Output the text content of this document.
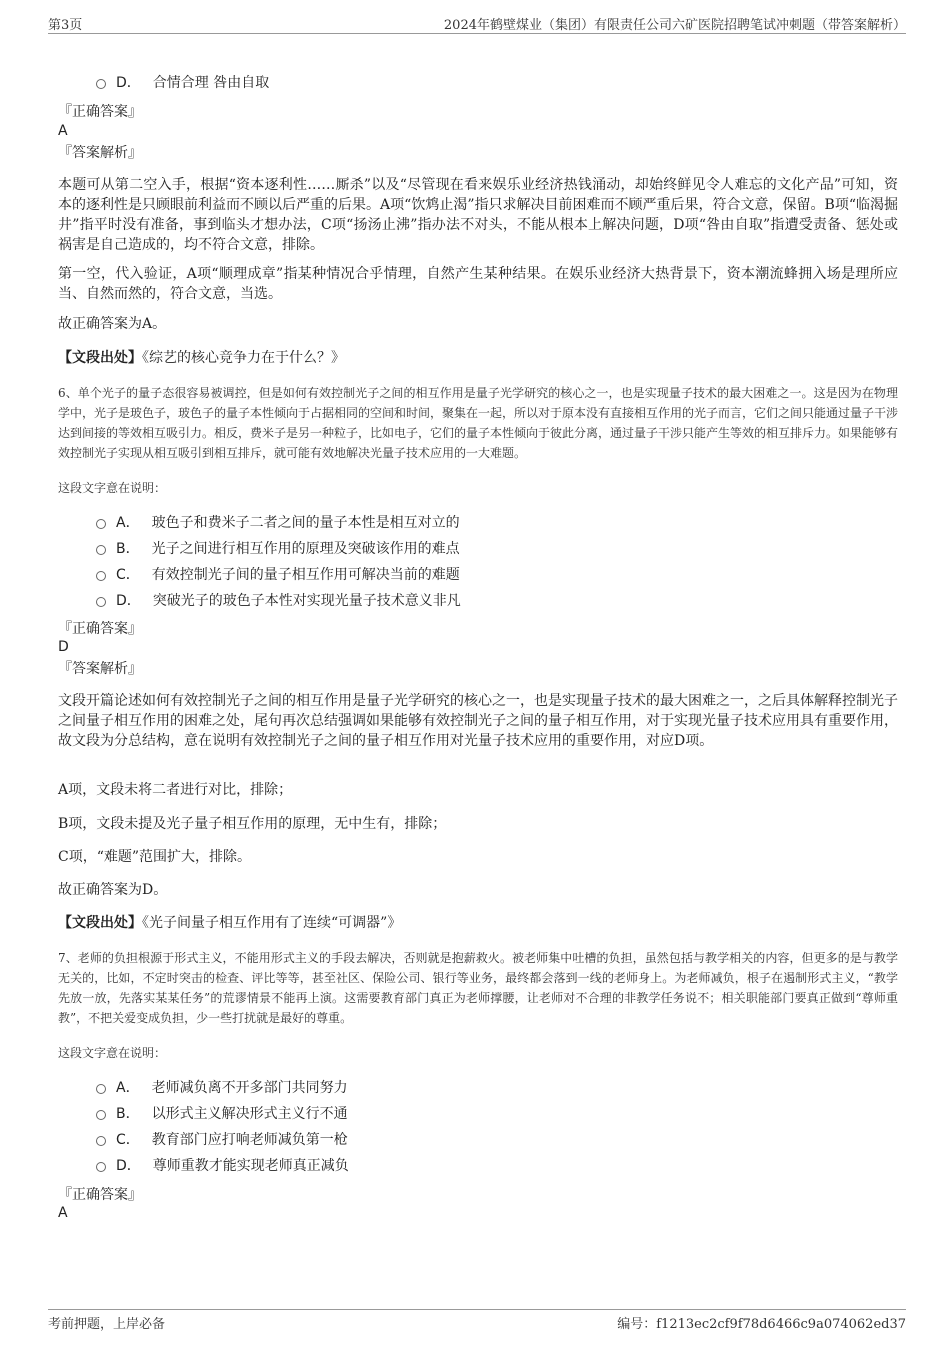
第3页	2024年鹤壁煤业（集团）有限责任公司六矿医院招聘笔试冲刺题（带答案解析）
D． 合情合理 咎由自取
『正确答案』
A
『答案解析』
本题可从第二空入手，根据“资本逐利性……厮杀”以及“尽管现在看来娱乐业经济热钱涌动，却始终鲜见令人难忘的文化产品”可知，资本的逐利性是只顾眼前利益而不顾以后严重的后果。A项“饮鸩止渴”指只求解决目前困难而不顾严重后果，符合文意，保留。B项“临渴掘井”指平时没有准备，事到临头才想办法，C项“扬汤止沸”指办法不对头，不能从根本上解决问题，D项“咎由自取”指遭受责备、惩处或祸害是自己造成的，均不符合文意，排除。
第一空，代入验证，A项“顺理成章”指某种情况合乎情理，自然产生某种结果。在娱乐业经济大热背景下，资本潮流蜂拥入场是理所应当、自然而然的，符合文意，当选。
故正确答案为A。
【文段出处】《综艺的核心竞争力在于什么？》
6、单个光子的量子态很容易被调控，但是如何有效控制光子之间的相互作用是量子光学研究的核心之一，也是实现量子技术的最大困难之一。这是因为在物理学中，光子是玻色子，玻色子的量子本性倾向于占据相同的空间和时间，聚集在一起，所以对于原本没有直接相互作用的光子而言，它们之间只能通过量子干涉达到间接的等效相互吸引力。相反，费米子是另一种粒子，比如电子，它们的量子本性倾向于彼此分离，通过量子干涉只能产生等效的相互排斥力。如果能够有效控制光子实现从相互吸引到相互排斥，就可能有效地解决光量子技术应用的一大难题。
这段文字意在说明：
A． 玻色子和费米子二者之间的量子本性是相互对立的
B． 光子之间进行相互作用的原理及突破该作用的难点
C． 有效控制光子间的量子相互作用可解决当前的难题
D． 突破光子的玻色子本性对实现光量子技术意义非凡
『正确答案』
D
『答案解析』
文段开篇论述如何有效控制光子之间的相互作用是量子光学研究的核心之一，也是实现量子技术的最大困难之一，之后具体解释控制光子之间量子相互作用的困难之处，尾句再次总结强调如果能够有效控制光子之间的量子相互作用，对于实现光量子技术应用具有重要作用，故文段为分总结构，意在说明有效控制光子之间的量子相互作用对光量子技术应用的重要作用，对应D项。
A项，文段未将二者进行对比，排除；
B项，文段未提及光子量子相互作用的原理，无中生有，排除；
C项，“难题”范围扩大，排除。
故正确答案为D。
【文段出处】《光子间量子相互作用有了连续“可调器”》
7、老师的负担根源于形式主义，不能用形式主义的手段去解决，否则就是抱薪救火。被老师集中吐槽的负担，虽然包括与教学相关的内容，但更多的是与教学无关的，比如，不定时突击的检查、评比等等，甚至社区、保险公司、银行等业务，最终都会落到一线的老师身上。为老师减负，根子在遏制形式主义，“教学先放一放，先落实某某任务”的荒谬情景不能再上演。这需要教育部门真正为老师撑腰，让老师对不合理的非教学任务说不；相关职能部门要真正做到“尊师重教”，不把关爱变成负担，少一些打扰就是最好的尊重。
这段文字意在说明：
A． 老师减负离不开多部门共同努力
B． 以形式主义解决形式主义行不通
C． 教育部门应打响老师减负第一枪
D． 尊师重教才能实现老师真正减负
『正确答案』
A
考前押题，上岸必备	编号：f1213ec2cf9f78d6466c9a074062ed37
